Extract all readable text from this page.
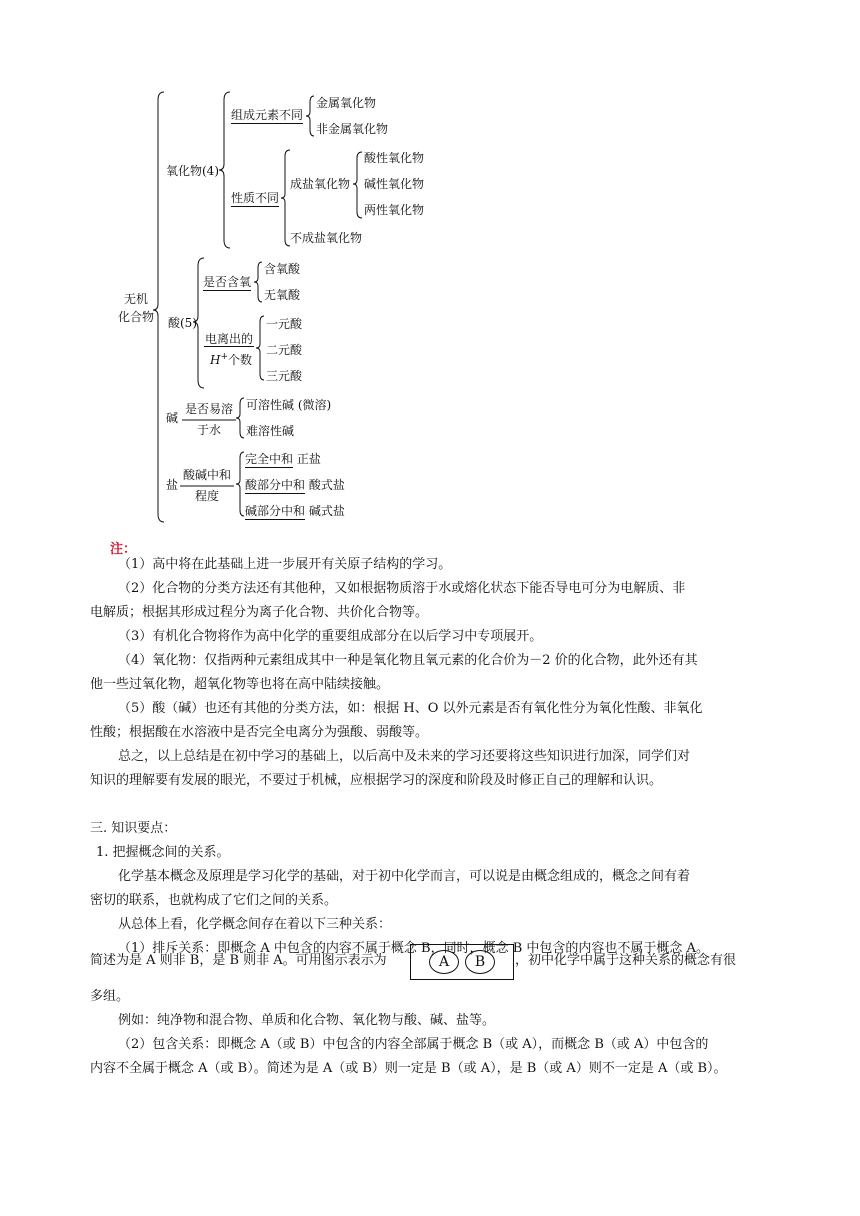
无机
化合物
氧化物(4)
组成元素不同
金属氧化物
非金属氧化物
性质不同
成盐氧化物
酸性氧化物
碱性氧化物
两性氧化物
不成盐氧化物
酸(5)
是否含氧
含氧酸
无氧酸
电离出的
H+个数
一元酸
二元酸
三元酸
碱
是否易溶
于水
可溶性碱 (微溶)
难溶性碱
盐
酸碱中和
程度
完全中和 正盐
酸部分中和 酸式盐
碱部分中和 碱式盐
注：
（1）高中将在此基础上进一步展开有关原子结构的学习。
（2）化合物的分类方法还有其他种，又如根据物质溶于水或熔化状态下能否导电可分为电解质、非
电解质；根据其形成过程分为离子化合物、共价化合物等。
（3）有机化合物将作为高中化学的重要组成部分在以后学习中专项展开。
（4）氧化物：仅指两种元素组成其中一种是氧化物且氧元素的化合价为－2 价的化合物，此外还有其
他一些过氧化物，超氧化物等也将在高中陆续接触。
（5）酸（碱）也还有其他的分类方法，如：根据 H、O 以外元素是否有氧化性分为氧化性酸、非氧化
性酸；根据酸在水溶液中是否完全电离分为强酸、弱酸等。
总之，以上总结是在初中学习的基础上，以后高中及未来的学习还要将这些知识进行加深，同学们对
知识的理解要有发展的眼光，不要过于机械，应根据学习的深度和阶段及时修正自己的理解和认识。
三. 知识要点：
1. 把握概念间的关系。
化学基本概念及原理是学习化学的基础，对于初中化学而言，可以说是由概念组成的，概念之间有着
密切的联系，也就构成了它们之间的关系。
从总体上看，化学概念间存在着以下三种关系：
（1）排斥关系：即概念 A 中包含的内容不属于概念 B，同时，概念 B 中包含的内容也不属于概念 A。
简述为是 A 则非 B，是 B 则非 A。可用图示表示为	A	B	，初中化学中属于这种关系的概念有很
多组。
例如：纯净物和混合物、单质和化合物、氧化物与酸、碱、盐等。
（2）包含关系：即概念 A（或 B）中包含的内容全部属于概念 B（或 A），而概念 B（或 A）中包含的
内容不全属于概念 A（或 B）。简述为是 A（或 B）则一定是 B（或 A），是 B（或 A）则不一定是 A（或 B）。
